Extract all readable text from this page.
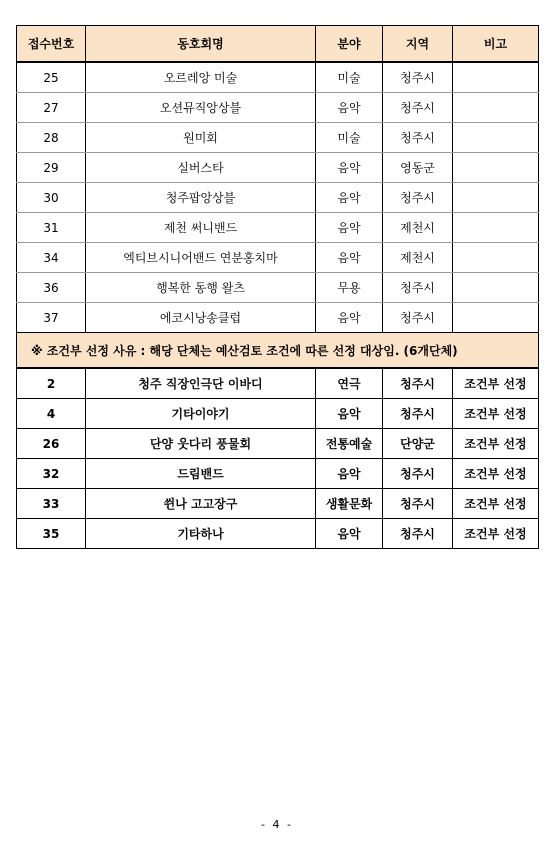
접수번호	동호회명	분야	지역	비고
25	오르레앙 미술	미술	청주시	
27	오션뮤직앙상블	음악	청주시	
28	원미회	미술	청주시	
29	실버스타	음악	영동군	
30	청주팝앙상블	음악	청주시	
31	제천 써니밴드	음악	제천시	
34	엑티브시니어밴드 연분홍치마	음악	제천시	
36	행복한 동행 왈츠	무용	청주시	
37	에코시낭송클럽	음악	청주시	
※ 조건부 선정 사유 : 해당 단체는 예산검토 조건에 따른 선정 대상임. (6개단체)				
2	청주 직장인극단 이바디	연극	청주시	조건부 선정
4	기타이야기	음악	청주시	조건부 선정
26	단양 웃다리 풍물회	전통예술	단양군	조건부 선정
32	드림밴드	음악	청주시	조건부 선정
33	쒼나 고고장구	생활문화	청주시	조건부 선정
35	기타하나	음악	청주시	조건부 선정
- 4 -
